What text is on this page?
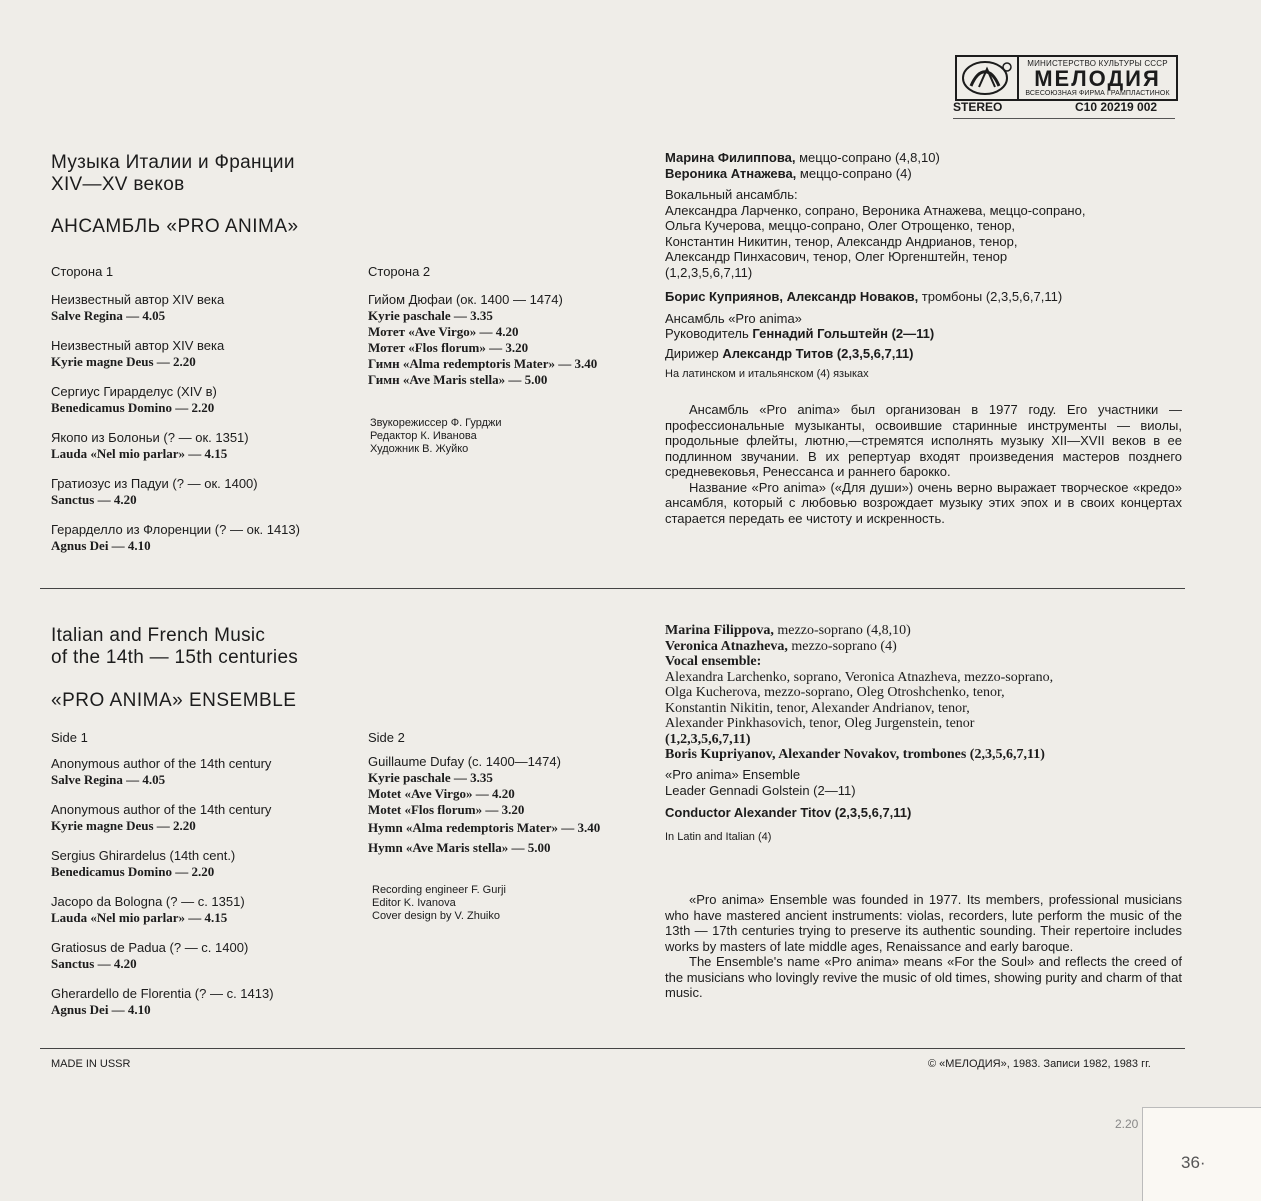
МИНИСТЕРСТВО КУЛЬТУРЫ СССР
МЕЛОДИЯ
ВСЕСОЮЗНАЯ ФИРМА ГРАМПЛАСТИНОК
STEREO	С10 20219 002
Музыка Италии и Франции
XIV—XV веков
АНСАМБЛЬ «PRO ANIMA»
Сторона 1
Неизвестный автор XIV века
Salve Regina — 4.05
Неизвестный автор XIV века
Kyrie magne Deus — 2.20
Сергиус Гирарделус (XIV в)
Benedicamus Domino — 2.20
Якопо из Болоньи (? — ок. 1351)
Lauda «Nel mio parlar» — 4.15
Гратиозус из Падуи (? — ок. 1400)
Sanctus — 4.20
Герарделло из Флоренции (? — ок. 1413)
Agnus Dei — 4.10
Сторона 2
Гийом Дюфаи (ок. 1400 — 1474)
Kyrie paschale — 3.35
Мотет «Ave Virgo» — 4.20
Мотет «Flos florum» — 3.20
Гимн «Alma redemptoris Mater» — 3.40
Гимн «Ave Maris stella» — 5.00
Звукорежиссер Ф. Гурджи
Редактор К. Иванова
Художник В. Жуйко
Марина Филиппова, меццо-сопрано (4,8,10)
Вероника Атнажева, меццо-сопрано (4)
Вокальный ансамбль:
Александра Ларченко, сопрано, Вероника Атнажева, меццо-сопрано,
Ольга Кучерова, меццо-сопрано, Олег Отрощенко, тенор,
Константин Никитин, тенор, Александр Андрианов, тенор,
Александр Пинхасович, тенор, Олег Юргенштейн, тенор
(1,2,3,5,6,7,11)
Борис Куприянов, Александр Новаков, тромбоны (2,3,5,6,7,11)
Ансамбль «Pro anima»
Руководитель Геннадий Гольштейн (2—11)
Дирижер Александр Титов (2,3,5,6,7,11)
На латинском и итальянском (4) языках

Ансамбль «Pro anima» был организован в 1977 году. Его участники — профессиональные музыканты, освоившие старинные инструменты — виолы, продольные флейты, лютню,—стремятся исполнять музыку XII—XVII веков в ее подлинном звучании. В их репертуар входят произведения мастеров позднего средневековья, Ренессанса и раннего барокко.

Название «Pro anima» («Для души») очень верно выражает творческое «кредо» ансамбля, который с любовью возрождает музыку этих эпох и в своих концертах старается передать ее чистоту и искренность.

Italian and French Music
of the 14th — 15th centuries
«PRO ANIMA» ENSEMBLE
Side 1
Anonymous author of the 14th century
Salve Regina — 4.05
Anonymous author of the 14th century
Kyrie magne Deus — 2.20
Sergius Ghirardelus (14th cent.)
Benedicamus Domino — 2.20
Jacopo da Bologna (? — c. 1351)
Lauda «Nel mio parlar» — 4.15
Gratiosus de Padua (? — c. 1400)
Sanctus — 4.20
Gherardello de Florentia (? — c. 1413)
Agnus Dei — 4.10
Side 2
Guillaume Dufay (c. 1400—1474)
Kyrie paschale — 3.35
Motet «Ave Virgo» — 4.20
Motet «Flos florum» — 3.20
Hymn «Alma redemptoris Mater» — 3.40
Hymn «Ave Maris stella» — 5.00
Recording engineer F. Gurji
Editor K. Ivanova
Cover design by V. Zhuiko
Marina Filippova, mezzo-soprano (4,8,10)
Veronica Atnazheva, mezzo-soprano (4)
Vocal ensemble:
Alexandra Larchenko, soprano, Veronica Atnazheva, mezzo-soprano,
Olga Kucherova, mezzo-soprano, Oleg Otroshchenko, tenor,
Konstantin Nikitin, tenor, Alexander Andrianov, tenor,
Alexander Pinkhasovich, tenor, Oleg Jurgenstein, tenor
(1,2,3,5,6,7,11)
Boris Kupriyanov, Alexander Novakov, trombones (2,3,5,6,7,11)
«Pro anima» Ensemble
Leader Gennadi Golstein (2—11)
Conductor Alexander Titov (2,3,5,6,7,11)
In Latin and Italian (4)

«Pro anima» Ensemble was founded in 1977. Its members, professional musicians who have mastered ancient instruments: violas, recorders, lute perform the music of the 13th — 17th centuries trying to preserve its authentic sounding. Their repertoire includes works by masters of late middle ages, Renaissance and early baroque.

The Ensemble's name «Pro anima» means «For the Soul» and reflects the creed of the musicians who lovingly revive the music of old times, showing purity and charm of that music.

MADE IN USSR	© «МЕЛОДИЯ», 1983. Записи 1982, 1983 гг.
2.20
36·
